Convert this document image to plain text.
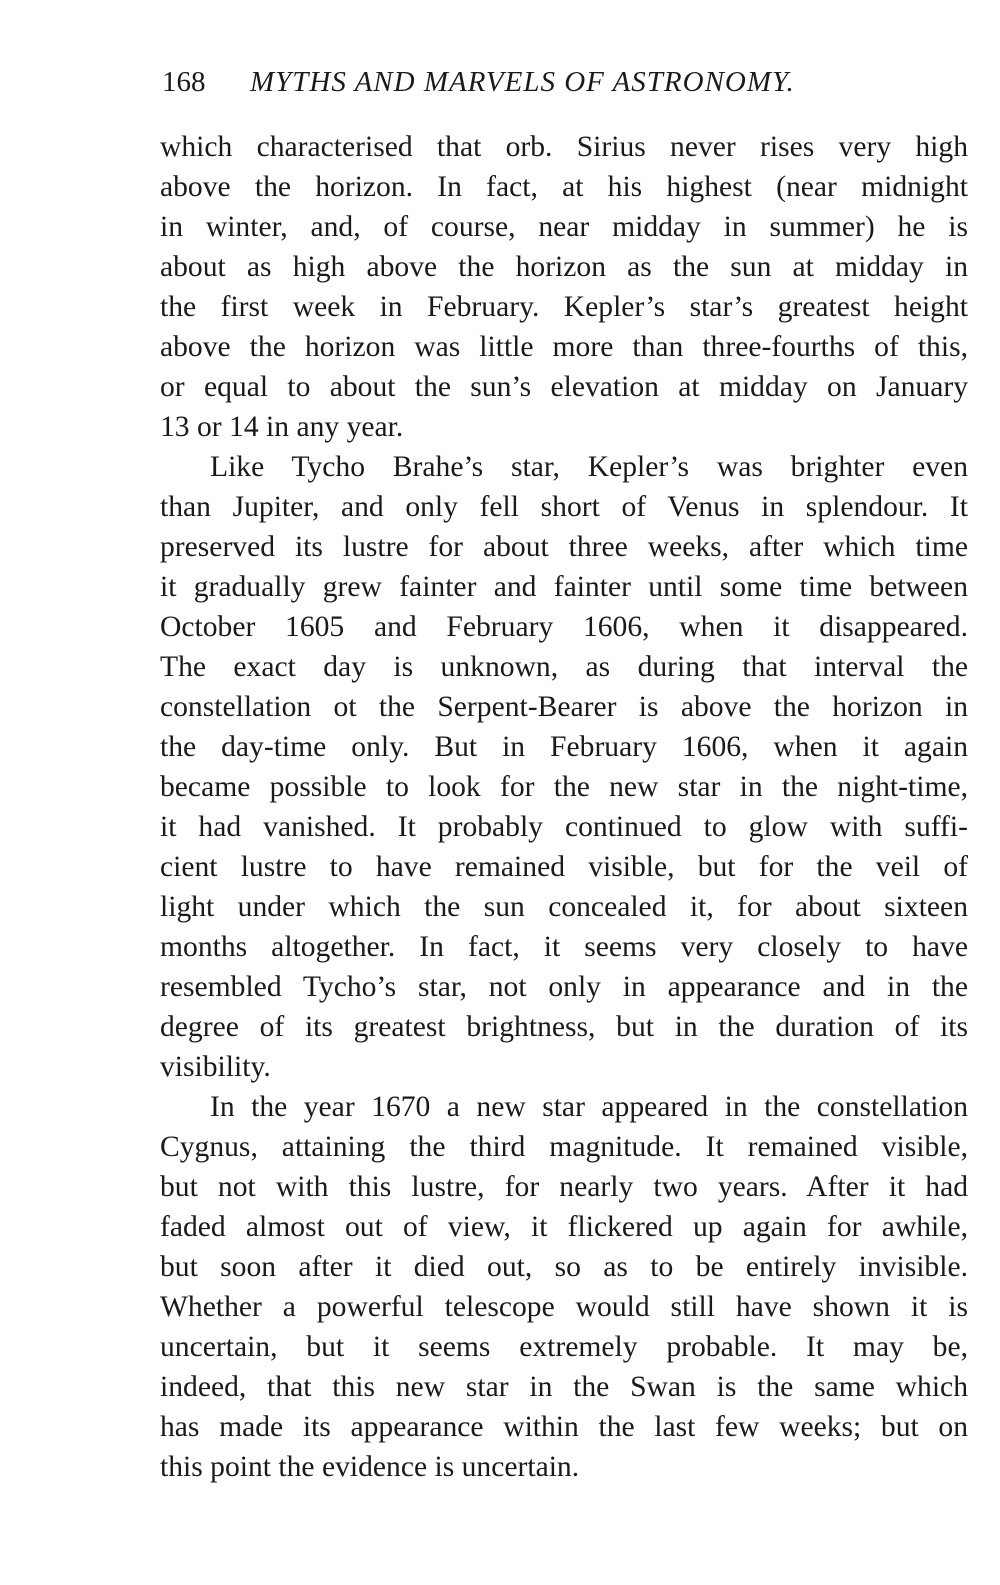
168 MYTHS AND MARVELS OF ASTRONOMY.
which characterised that orb. Sirius never rises very high
above the horizon. In fact, at his highest (near midnight
in winter, and, of course, near midday in summer) he is
about as high above the horizon as the sun at midday in
the first week in February. Kepler’s star’s greatest height
above the horizon was little more than three-fourths of this,
or equal to about the sun’s elevation at midday on January
13 or 14 in any year.
Like Tycho Brahe’s star, Kepler’s was brighter even
than Jupiter, and only fell short of Venus in splendour. It
preserved its lustre for about three weeks, after which time
it gradually grew fainter and fainter until some time between
October 1605 and February 1606, when it disappeared.
The exact day is unknown, as during that interval the
constellation ot the Serpent-Bearer is above the horizon in
the day-time only. But in February 1606, when it again
became possible to look for the new star in the night-time,
it had vanished. It probably continued to glow with suffi-
cient lustre to have remained visible, but for the veil of
light under which the sun concealed it, for about sixteen
months altogether. In fact, it seems very closely to have
resembled Tycho’s star, not only in appearance and in the
degree of its greatest brightness, but in the duration of its
visibility.
In the year 1670 a new star appeared in the constellation
Cygnus, attaining the third magnitude. It remained visible,
but not with this lustre, for nearly two years. After it had
faded almost out of view, it flickered up again for awhile,
but soon after it died out, so as to be entirely invisible.
Whether a powerful telescope would still have shown it is
uncertain, but it seems extremely probable. It may be,
indeed, that this new star in the Swan is the same which
has made its appearance within the last few weeks; but on
this point the evidence is uncertain.
